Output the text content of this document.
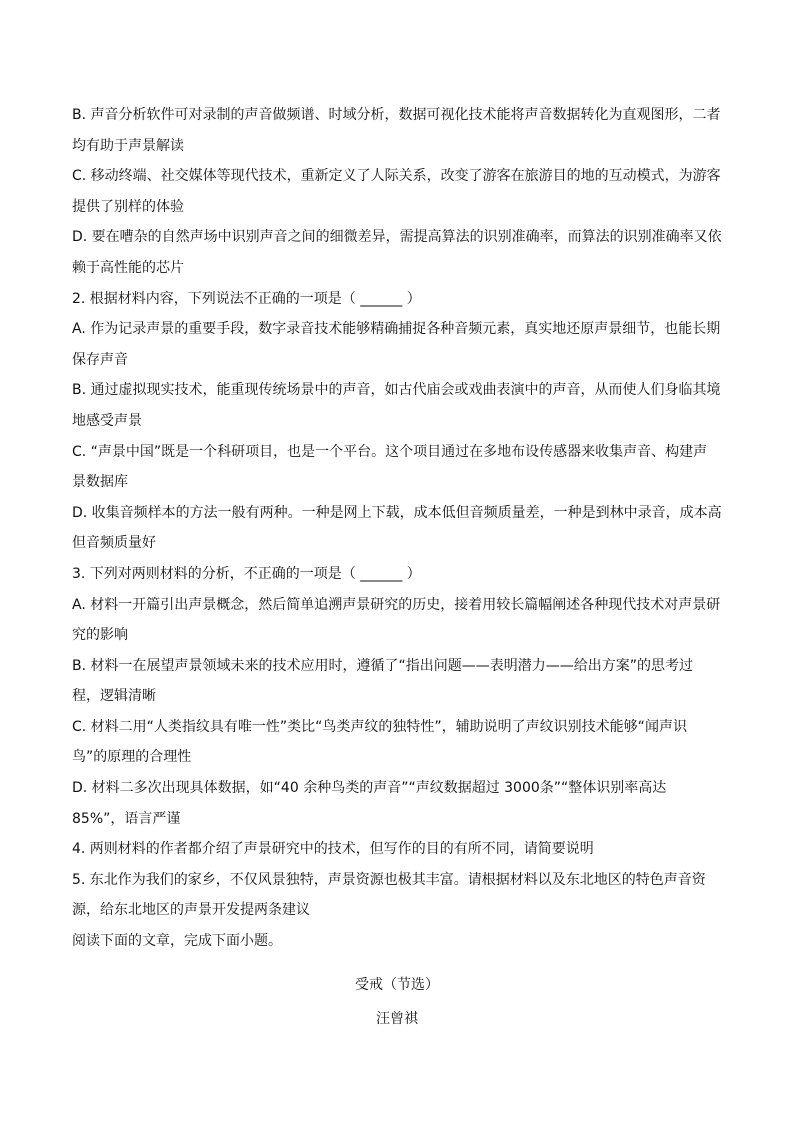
B. 声音分析软件可对录制的声音做频谱、时域分析，数据可视化技术能将声音数据转化为直观图形，二者
均有助于声景解读
C. 移动终端、社交媒体等现代技术，重新定义了人际关系，改变了游客在旅游目的地的互动模式，为游客
提供了别样的体验
D. 要在嘈杂的自然声场中识别声音之间的细微差异，需提高算法的识别准确率，而算法的识别准确率又依
赖于高性能的芯片
2. 根据材料内容，下列说法不正确的一项是（ ______ ）
A. 作为记录声景的重要手段，数字录音技术能够精确捕捉各种音频元素，真实地还原声景细节，也能长期
保存声音
B. 通过虚拟现实技术，能重现传统场景中的声音，如古代庙会或戏曲表演中的声音，从而使人们身临其境
地感受声景
C. “声景中国”既是一个科研项目，也是一个平台。这个项目通过在多地布设传感器来收集声音、构建声
景数据库
D. 收集音频样本的方法一般有两种。一种是网上下载，成本低但音频质量差，一种是到林中录音，成本高
但音频质量好
3. 下列对两则材料的分析，不正确的一项是（ ______ ）
A. 材料一开篇引出声景概念，然后简单追溯声景研究的历史，接着用较长篇幅阐述各种现代技术对声景研
究的影响
B. 材料一在展望声景领域未来的技术应用时，遵循了“指出问题——表明潜力——给出方案”的思考过
程，逻辑清晰
C. 材料二用“人类指纹具有唯一性”类比“鸟类声纹的独特性”，辅助说明了声纹识别技术能够“闻声识
鸟”的原理的合理性
D. 材料二多次出现具体数据，如“40 余种鸟类的声音”“声纹数据超过 3000条”“整体识别率高达
85%”，语言严谨
4. 两则材料的作者都介绍了声景研究中的技术，但写作的目的有所不同，请简要说明
5. 东北作为我们的家乡，不仅风景独特，声景资源也极其丰富。请根据材料以及东北地区的特色声音资
源，给东北地区的声景开发提两条建议
阅读下面的文章，完成下面小题。
受戒（节选）
汪曾祺
